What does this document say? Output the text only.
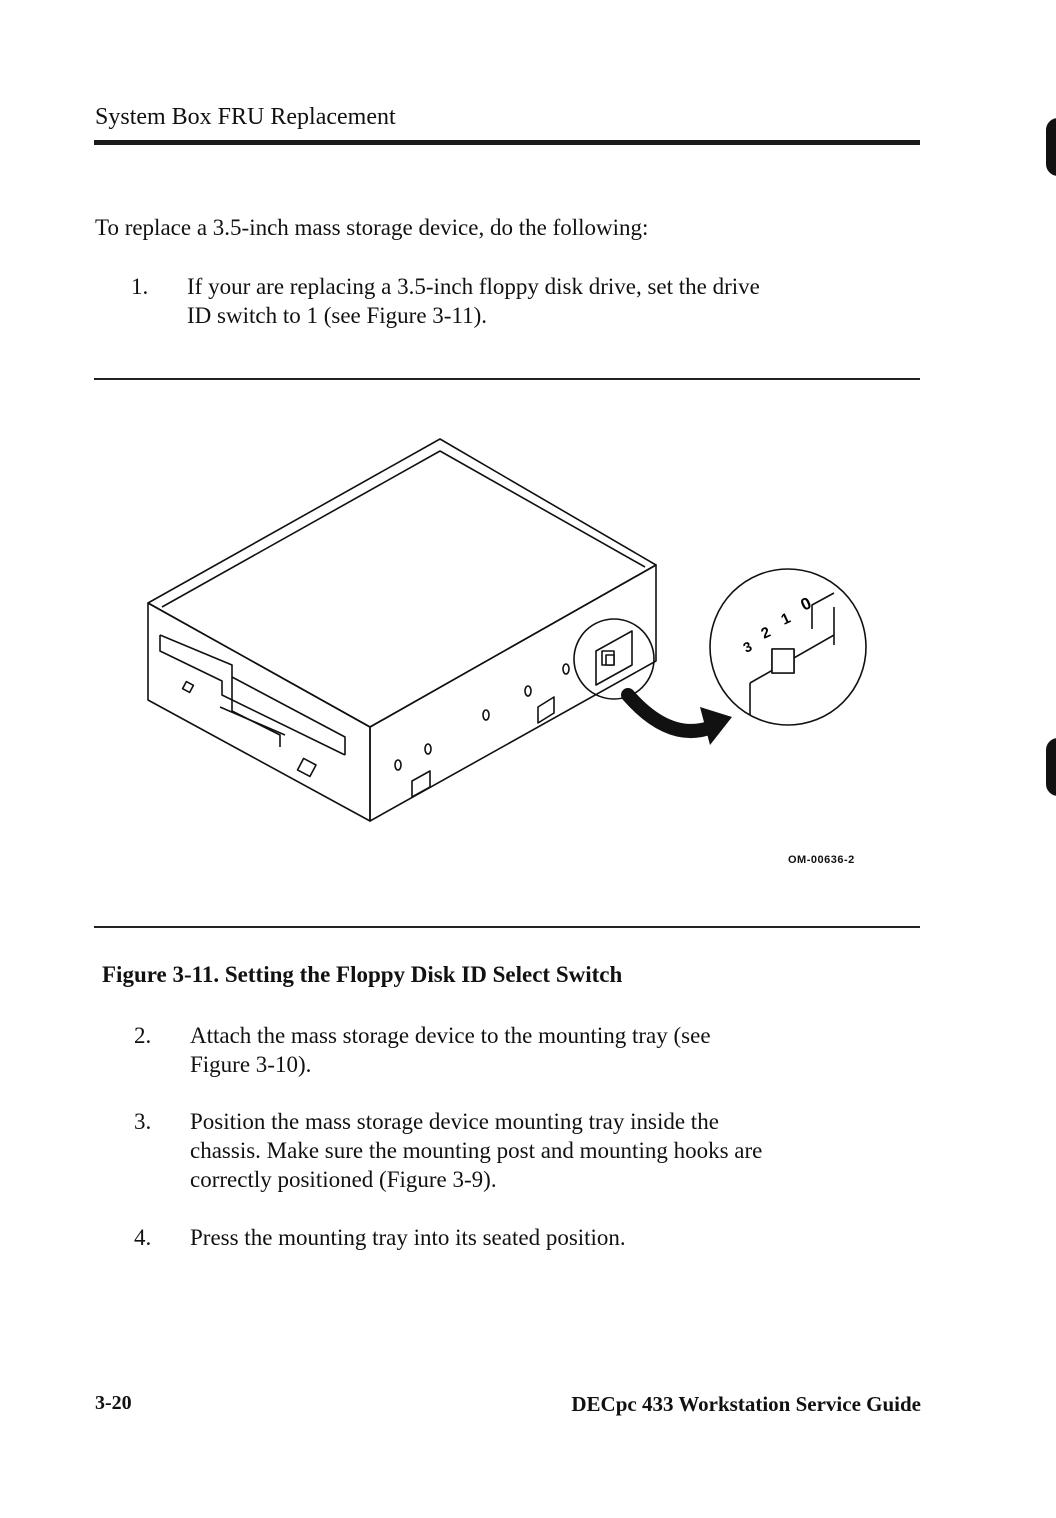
System Box FRU Replacement
To replace a 3.5-inch mass storage device, do the following:
1. If your are replacing a 3.5-inch floppy disk drive, set the drive ID switch to 1 (see Figure 3-11).
3
2
1
0
OM-00636-2
Figure 3-11. Setting the Floppy Disk ID Select Switch
2. Attach the mass storage device to the mounting tray (see Figure 3-10).
3. Position the mass storage device mounting tray inside the chassis. Make sure the mounting post and mounting hooks are correctly positioned (Figure 3-9).
4. Press the mounting tray into its seated position.
3-20	DECpc 433 Workstation Service Guide
